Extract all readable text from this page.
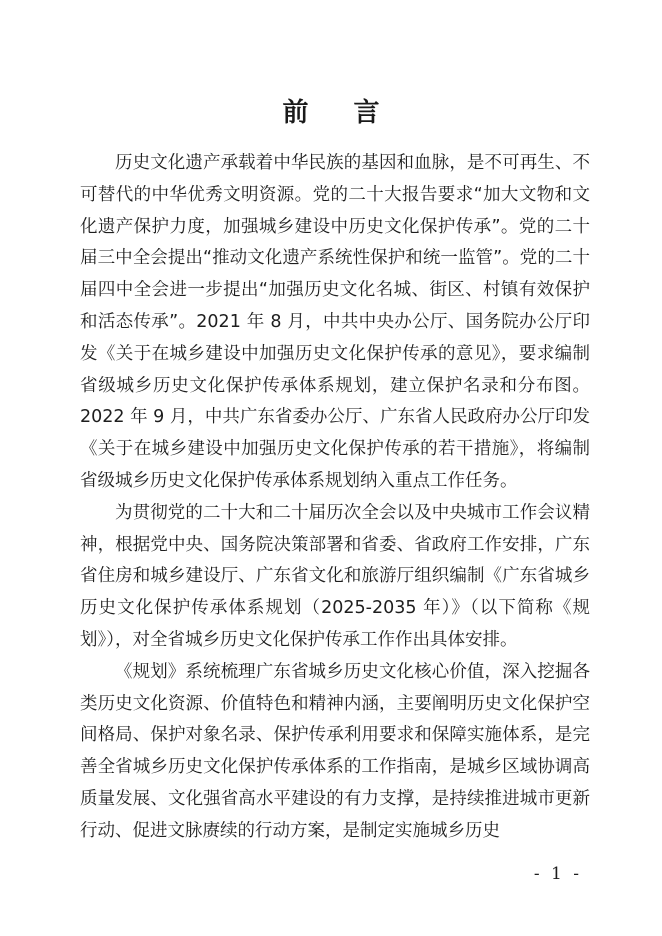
前 言

历史文化遗产承载着中华民族的基因和血脉，是不可再生、不可替代的中华优秀文明资源。党的二十大报告要求“加大文物和文化遗产保护力度，加强城乡建设中历史文化保护传承”。党的二十届三中全会提出“推动文化遗产系统性保护和统一监管”。党的二十届四中全会进一步提出“加强历史文化名城、街区、村镇有效保护和活态传承”。2021 年 8 月，中共中央办公厅、国务院办公厅印发《关于在城乡建设中加强历史文化保护传承的意见》，要求编制省级城乡历史文化保护传承体系规划，建立保护名录和分布图。2022 年 9 月，中共广东省委办公厅、广东省人民政府办公厅印发《关于在城乡建设中加强历史文化保护传承的若干措施》，将编制省级城乡历史文化保护传承体系规划纳入重点工作任务。

为贯彻党的二十大和二十届历次全会以及中央城市工作会议精神，根据党中央、国务院决策部署和省委、省政府工作安排，广东省住房和城乡建设厅、广东省文化和旅游厅组织编制《广东省城乡历史文化保护传承体系规划（2025-2035 年）》（以下简称《规划》），对全省城乡历史文化保护传承工作作出具体安排。

《规划》系统梳理广东省城乡历史文化核心价值，深入挖掘各类历史文化资源、价值特色和精神内涵，主要阐明历史文化保护空间格局、保护对象名录、保护传承利用要求和保障实施体系，是完善全省城乡历史文化保护传承体系的工作指南，是城乡区域协调高质量发展、文化强省高水平建设的有力支撑，是持续推进城市更新行动、促进文脉赓续的行动方案，是制定实施城乡历史

- 1 -
